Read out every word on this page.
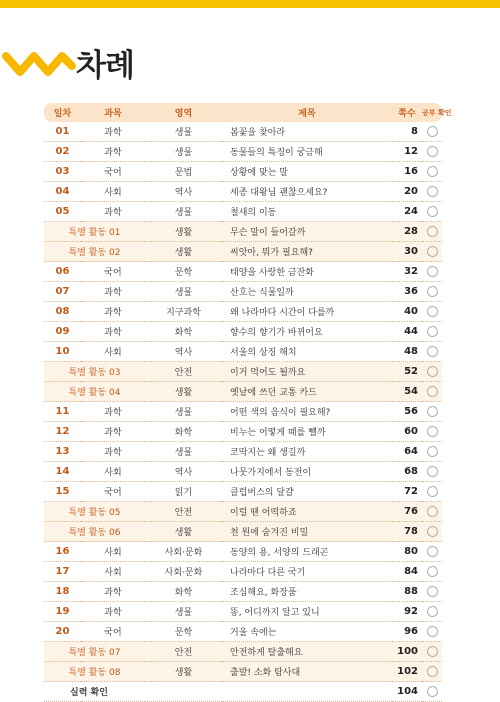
차례
일차	과목	영역	제목	쪽수	공부 확인
01	과학	생물	봄꽃을 찾아라	8	
02	과학	생물	동물들의 특징이 궁금해	12	
03	국어	문법	상황에 맞는 말	16	
04	사회	역사	세종 대왕님 괜찮으세요?	20	
05	과학	생물	철새의 이동	24	
특별 활동 01		생활	무슨 말이 들어갈까	28	
특별 활동 02		생활	씨앗아, 뭐가 필요해?	30	
06	국어	문학	태양을 사랑한 금잔화	32	
07	과학	생물	산호는 식물일까	36	
08	과학	지구과학	왜 나라마다 시간이 다를까	40	
09	과학	화학	향수의 향기가 바뀌어요	44	
10	사회	역사	서울의 상징 해치	48	
특별 활동 03		안전	이거 먹어도 될까요	52	
특별 활동 04		생활	옛날에 쓰던 교통 카드	54	
11	과학	생물	어떤 색의 음식이 필요해?	56	
12	과학	화학	비누는 어떻게 때를 뺄까	60	
13	과학	생물	코딱지는 왜 생길까	64	
14	사회	역사	나뭇가지에서 동전이	68	
15	국어	읽기	클럽버스의 달걀	72	
특별 활동 05		안전	이럴 땐 어떡하죠	76	
특별 활동 06		생활	천 원에 숨겨진 비밀	78	
16	사회	사회·문화	동양의 용, 서양의 드래곤	80	
17	사회	사회·문화	나라마다 다른 국기	84	
18	과학	화학	조심해요, 화장품	88	
19	과학	생물	똥, 어디까지 알고 있니	92	
20	국어	문학	거울 속에는	96	
특별 활동 07		안전	안전하게 탈출해요	100	
특별 활동 08		생활	출발! 소화 탐사대	102	
실력 확인				104	
